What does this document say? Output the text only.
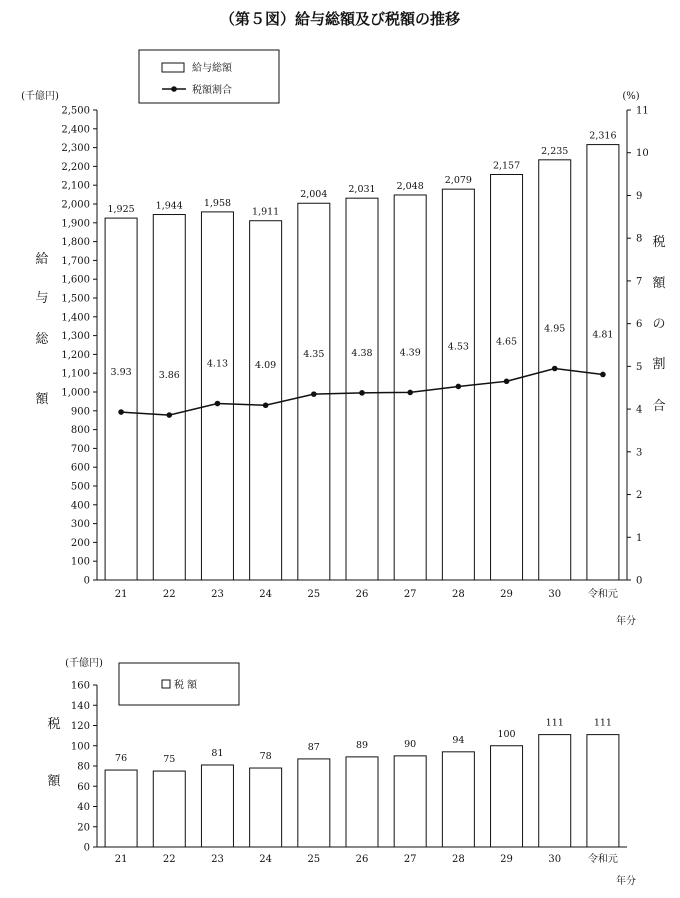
（第５図）給与総額及び税額の推移
(千億円)	(%)
年分
給与総額
税額割合
(千億円)
年分
税 額
0
100
200
300
400
500
600
700
800
900
1,000
1,100
1,200
1,300
1,400
1,500
1,600
1,700
1,800
1,900
2,000
2,100
2,200
2,300
2,400
2,500
0
1
2
3
4
5
6
7
8
9
10
11
給
与
総
額
税
額
の
割
合
1,925
21
1,944
22
1,958
23
1,911
24
2,004
25
2,031
26
2,048
27
2,079
28
2,157
29
2,235
30
2,316
令和元
3.93	3.86
4.13	4.09
4.35	4.38	4.39
4.53	4.65
4.95
4.81
0
20
40
60
80
100
120
140
160
税
額
76
21
75
22
81
23
78
24
87
25
89
26
90
27
94
28
100
29
111
30
111
令和元
